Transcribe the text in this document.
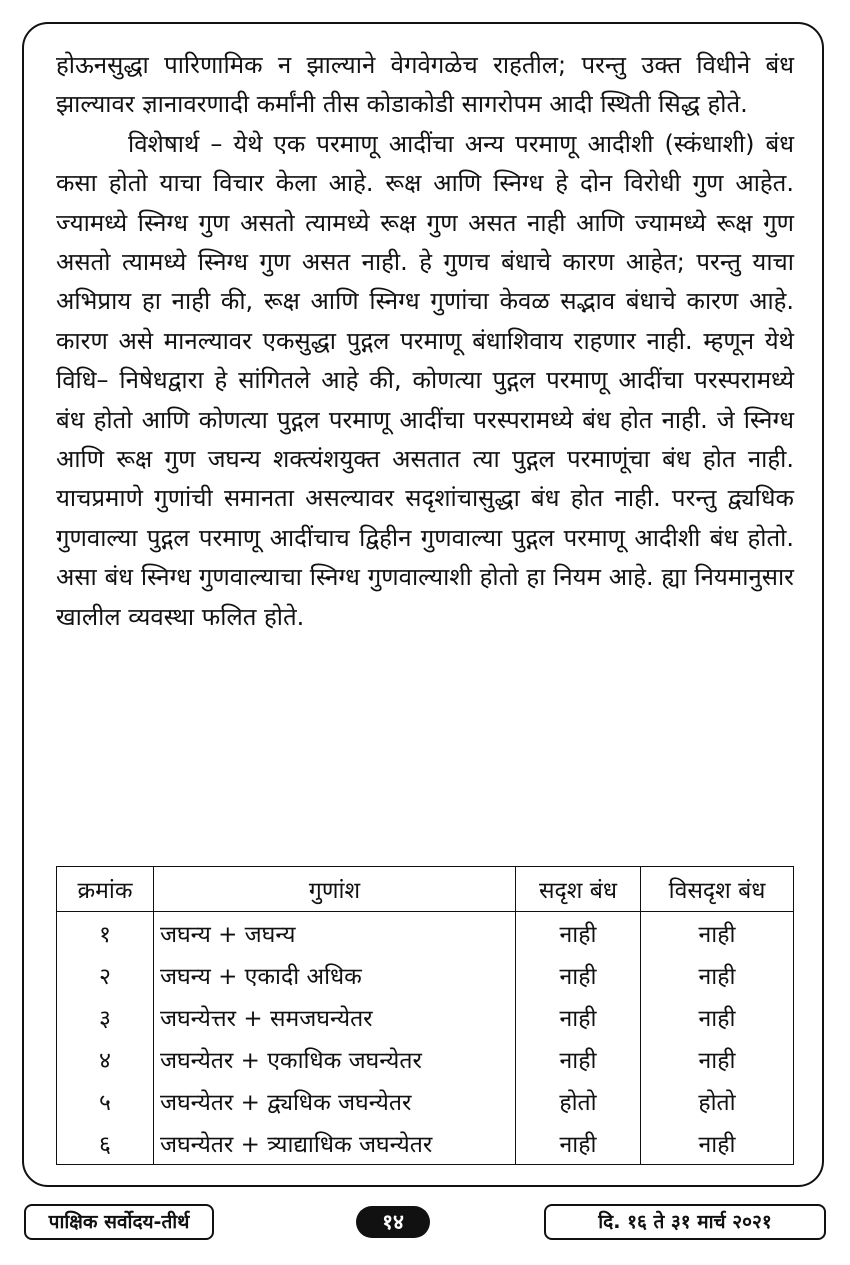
होऊनसुद्धा पारिणामिक न झाल्याने वेगवेगळेच राहतील; परन्तु उक्त विधीने बंध झाल्यावर ज्ञानावरणादी कर्मांनी तीस कोडाकोडी सागरोपम आदी स्थिती सिद्ध होते.

विशेषार्थ – येथे एक परमाणू आदींचा अन्य परमाणू आदीशी (स्कंधाशी) बंध कसा होतो याचा विचार केला आहे. रूक्ष आणि स्निग्ध हे दोन विरोधी गुण आहेत. ज्यामध्ये स्निग्ध गुण असतो त्यामध्ये रूक्ष गुण असत नाही आणि ज्यामध्ये रूक्ष गुण असतो त्यामध्ये स्निग्ध गुण असत नाही. हे गुणच बंधाचे कारण आहेत; परन्तु याचा अभिप्राय हा नाही की, रूक्ष आणि स्निग्ध गुणांचा केवळ सद्भाव बंधाचे कारण आहे. कारण असे मानल्यावर एकसुद्धा पुद्गल परमाणू बंधाशिवाय राहणार नाही. म्हणून येथे विधि– निषेधद्वारा हे सांगितले आहे की, कोणत्या पुद्गल परमाणू आदींचा परस्परामध्ये बंध होतो आणि कोणत्या पुद्गल परमाणू आदींचा परस्परामध्ये बंध होत नाही. जे स्निग्ध आणि रूक्ष गुण जघन्य शक्त्यंशयुक्त असतात त्या पुद्गल परमाणूंचा बंध होत नाही. याचप्रमाणे गुणांची समानता असल्यावर सदृशांचासुद्धा बंध होत नाही. परन्तु द्व्यधिक गुणवाल्या पुद्गल परमाणू आदींचाच द्विहीन गुणवाल्या पुद्गल परमाणू आदीशी बंध होतो. असा बंध स्निग्ध गुणवाल्याचा स्निग्ध गुणवाल्याशी होतो हा नियम आहे. ह्या नियमानुसार खालील व्यवस्था फलित होते.

क्रमांक	गुणांश	सदृश बंध	विसदृश बंध
१	जघन्य + जघन्य	नाही	नाही
२	जघन्य + एकादी अधिक	नाही	नाही
३	जघन्येत्तर + समजघन्येतर	नाही	नाही
४	जघन्येतर + एकाधिक जघन्येतर	नाही	नाही
५	जघन्येतर + द्व्यधिक जघन्येतर	होतो	होतो
६	जघन्येतर + त्र्याद्याधिक जघन्येतर	नाही	नाही
पाक्षिक सर्वोदय-तीर्थ	१४	दि. १६ ते ३१ मार्च २०२१
